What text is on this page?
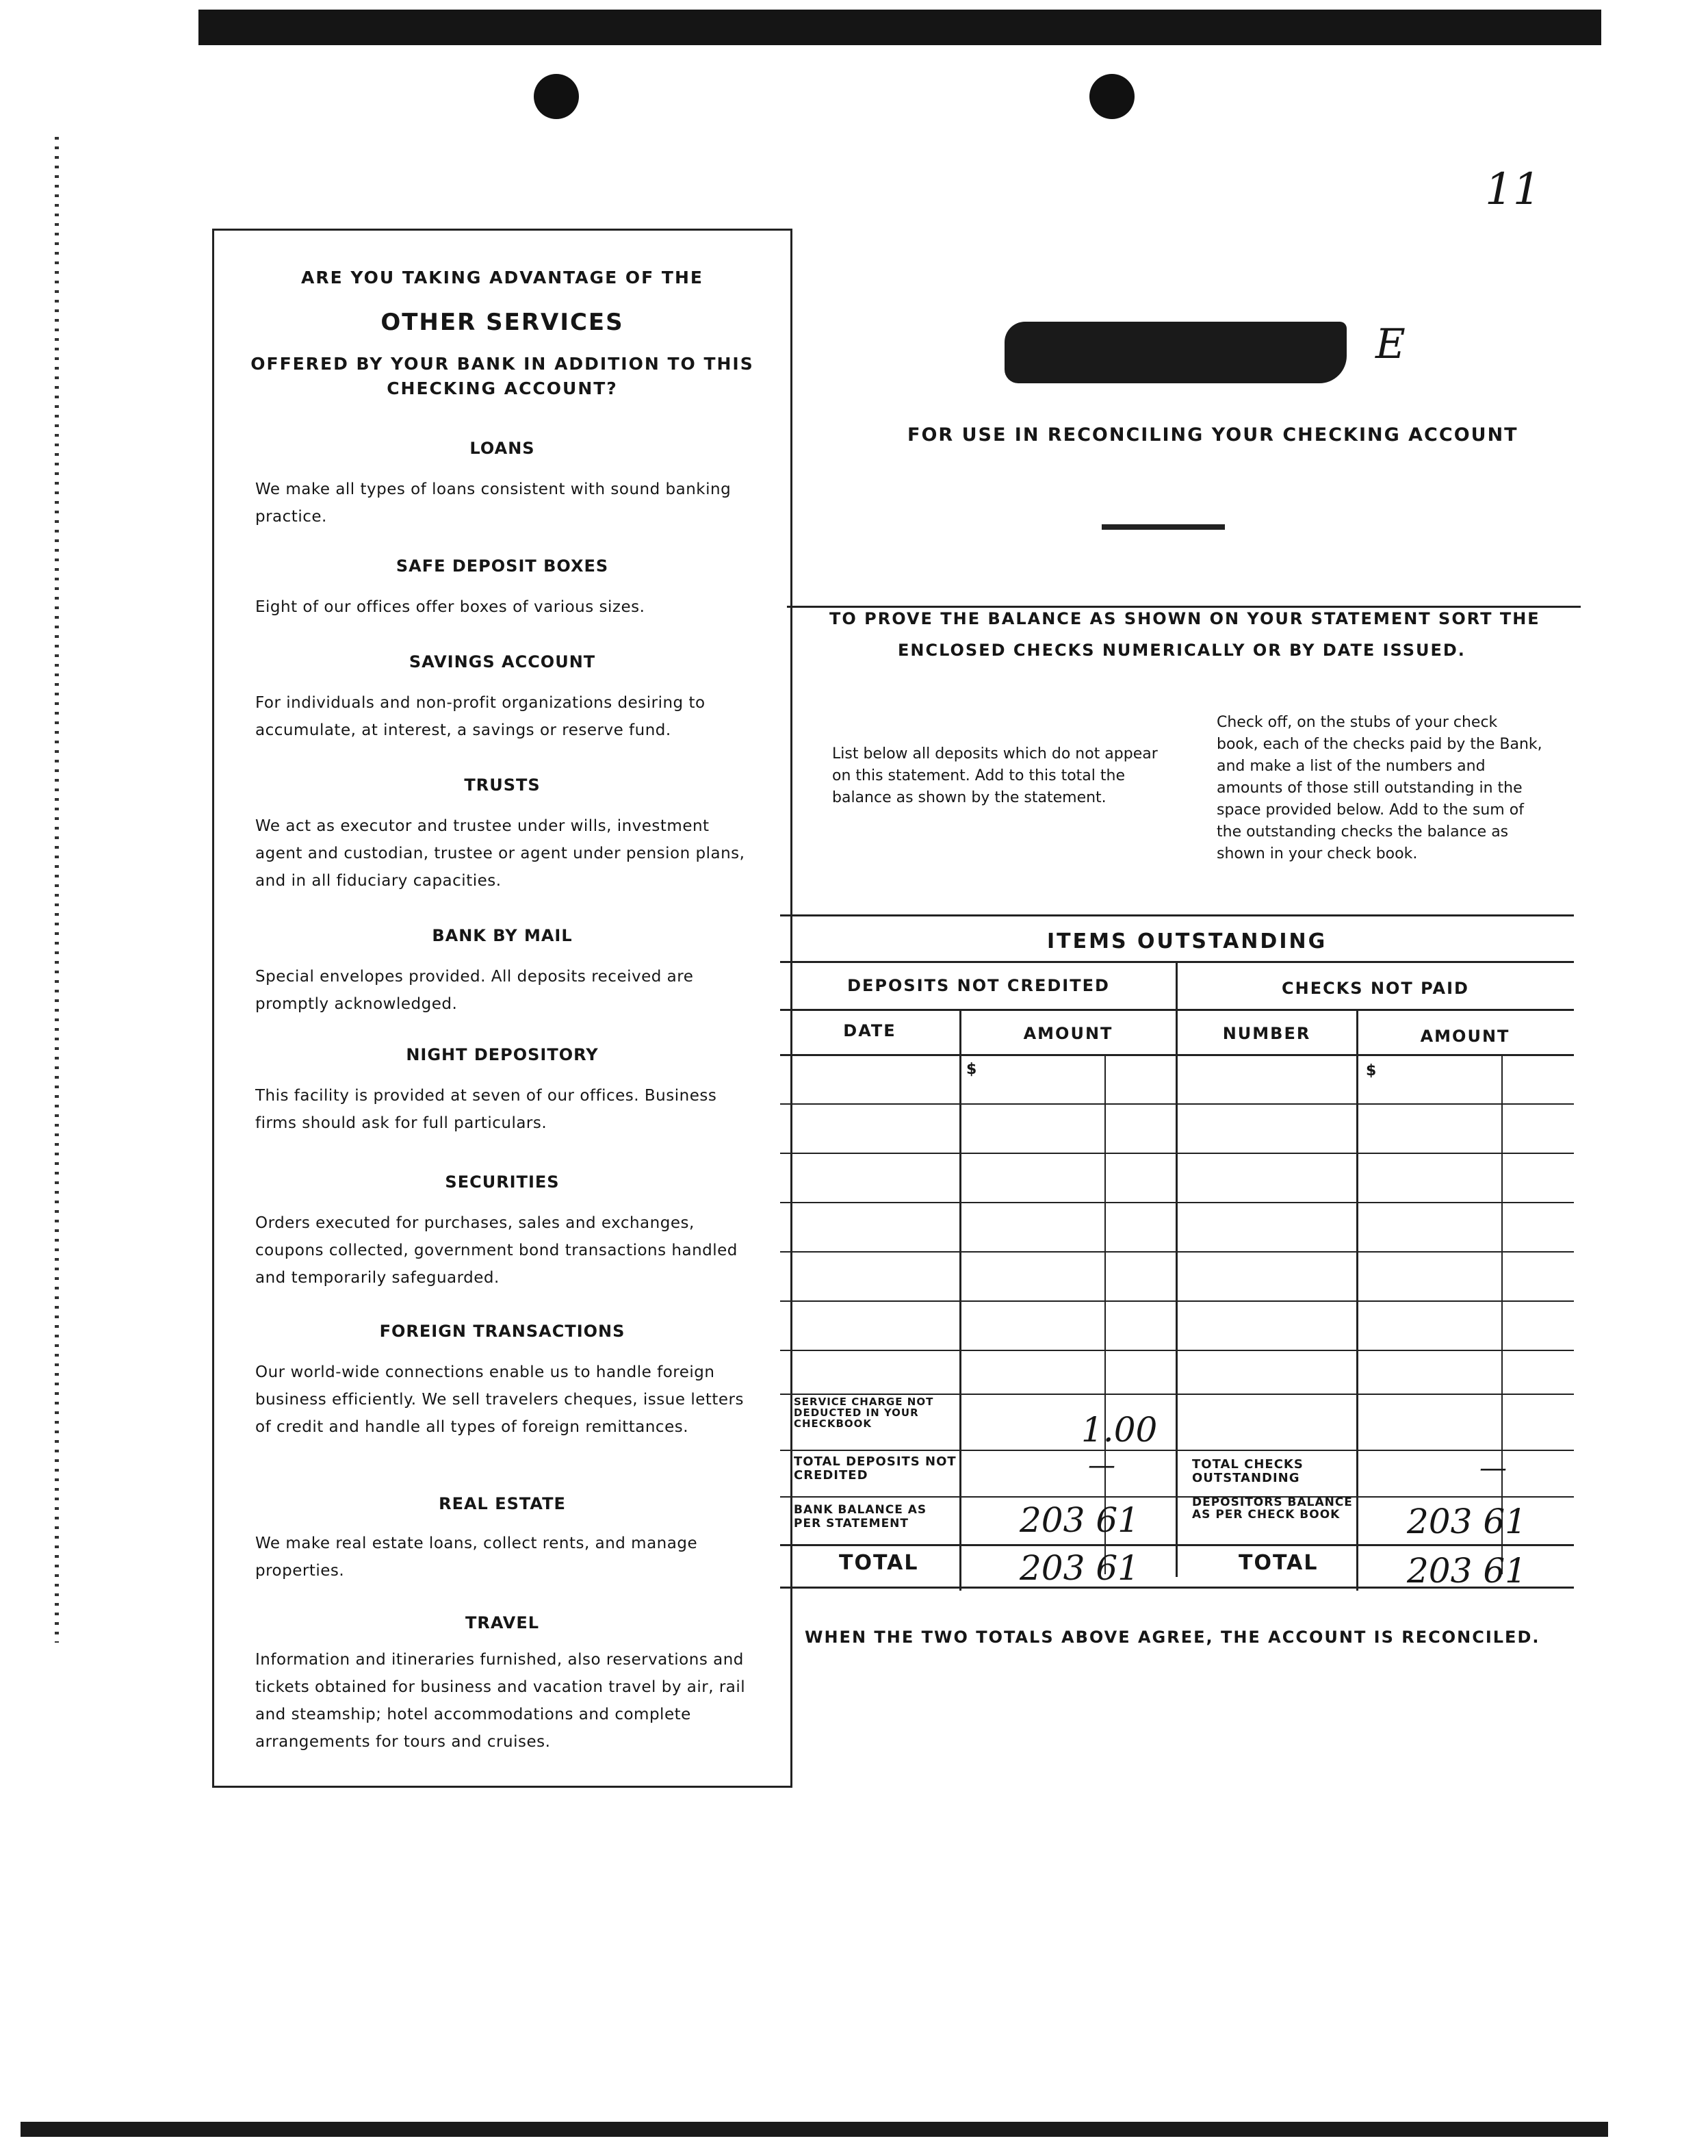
11
E
ARE YOU TAKING ADVANTAGE OF THE
OTHER SERVICES
OFFERED BY YOUR BANK IN ADDITION TO THIS
CHECKING ACCOUNT?
LOANS
We make all types of loans consistent with sound banking practice.
SAFE DEPOSIT BOXES
Eight of our offices offer boxes of various sizes.
SAVINGS ACCOUNT
For individuals and non-profit organizations desiring to accumulate, at interest, a savings or reserve fund.
TRUSTS
We act as executor and trustee under wills, investment agent and custodian, trustee or agent under pension plans, and in all fiduciary capacities.
BANK BY MAIL
Special envelopes provided. All deposits received are promptly acknowledged.
NIGHT DEPOSITORY
This facility is provided at seven of our offices. Business firms should ask for full particulars.
SECURITIES
Orders executed for purchases, sales and exchanges, coupons collected, government bond transactions handled and temporarily safeguarded.
FOREIGN TRANSACTIONS
Our world-wide connections enable us to handle foreign business efficiently. We sell travelers cheques, issue letters of credit and handle all types of foreign remittances.
REAL ESTATE
We make real estate loans, collect rents, and manage properties.
TRAVEL
Information and itineraries furnished, also reservations and tickets obtained for business and vacation travel by air, rail and steamship; hotel accommodations and complete arrangements for tours and cruises.
FOR USE IN RECONCILING YOUR CHECKING ACCOUNT
TO PROVE THE BALANCE AS SHOWN ON YOUR STATEMENT SORT THE
ENCLOSED CHECKS NUMERICALLY OR BY DATE ISSUED.
List below all deposits which do not appear on this statement. Add to this total the balance as shown by the statement.
Check off, on the stubs of your check book, each of the checks paid by the Bank, and make a list of the numbers and amounts of those still outstanding in the space provided below. Add to the sum of the outstanding checks the balance as shown in your check book.
ITEMS OUTSTANDING
DEPOSITS NOT CREDITED	CHECKS NOT PAID
DATE	AMOUNT	NUMBER	AMOUNT
$	$
SERVICE CHARGE NOT DEDUCTED IN YOUR CHECKBOOK	1.00
TOTAL DEPOSITS NOT CREDITED	—
BANK BALANCE AS PER STATEMENT	203 61
TOTAL	203 61
TOTAL CHECKS OUTSTANDING	—
DEPOSITORS BALANCE AS PER CHECK BOOK	203 61
TOTAL	203 61
WHEN THE TWO TOTALS ABOVE AGREE, THE ACCOUNT IS RECONCILED.
